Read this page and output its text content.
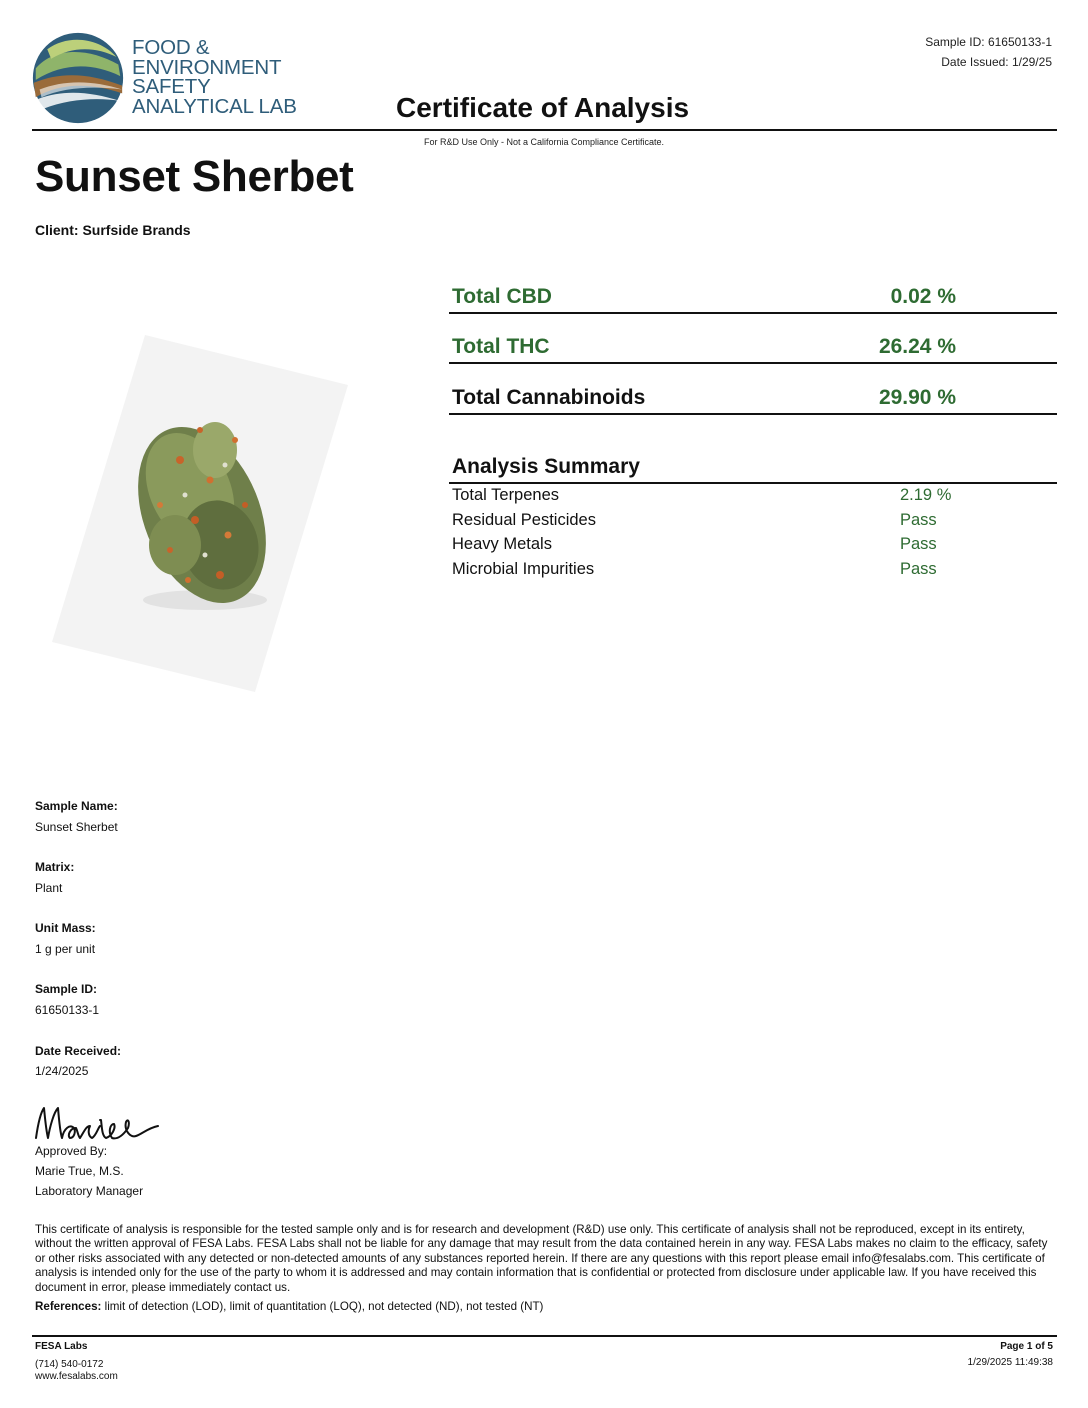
FOOD &
ENVIRONMENT
SAFETY
ANALYTICAL LAB	Certificate of Analysis
Sample ID: 61650133-1
Date Issued: 1/29/25
For R&D Use Only - Not a California Compliance Certificate.
Sunset Sherbet
Client: Surfside Brands
Total CBD	0.02 %
Total THC	26.24 %
Total Cannabinoids	29.90 %
Analysis Summary
Total Terpenes	2.19 %
Residual Pesticides	Pass
Heavy Metals	Pass
Microbial Impurities	Pass
Sample Name:
Sunset Sherbet
Matrix:
Plant
Unit Mass:
1 g per unit
Sample ID:
61650133-1
Date Received:
1/24/2025
Approved By:
Marie True, M.S.
Laboratory Manager
This certificate of analysis is responsible for the tested sample only and is for research and development (R&D) use only. This certificate of analysis shall not be reproduced, except in its entirety, without the written approval of FESA Labs. FESA Labs shall not be liable for any damage that may result from the data contained herein in any way. FESA Labs makes no claim to the efficacy, safety or other risks associated with any detected or non-detected amounts of any substances reported herein. If there are any questions with this report please email info@fesalabs.com. This certificate of analysis is intended only for the use of the party to whom it is addressed and may contain information that is confidential or protected from disclosure under applicable law. If you have received this document in error, please immediately contact us.
References: limit of detection (LOD), limit of quantitation (LOQ), not detected (ND), not tested (NT)
FESA Labs
(714) 540-0172
www.fesalabs.com
Page 1 of 5
1/29/2025 11:49:38
